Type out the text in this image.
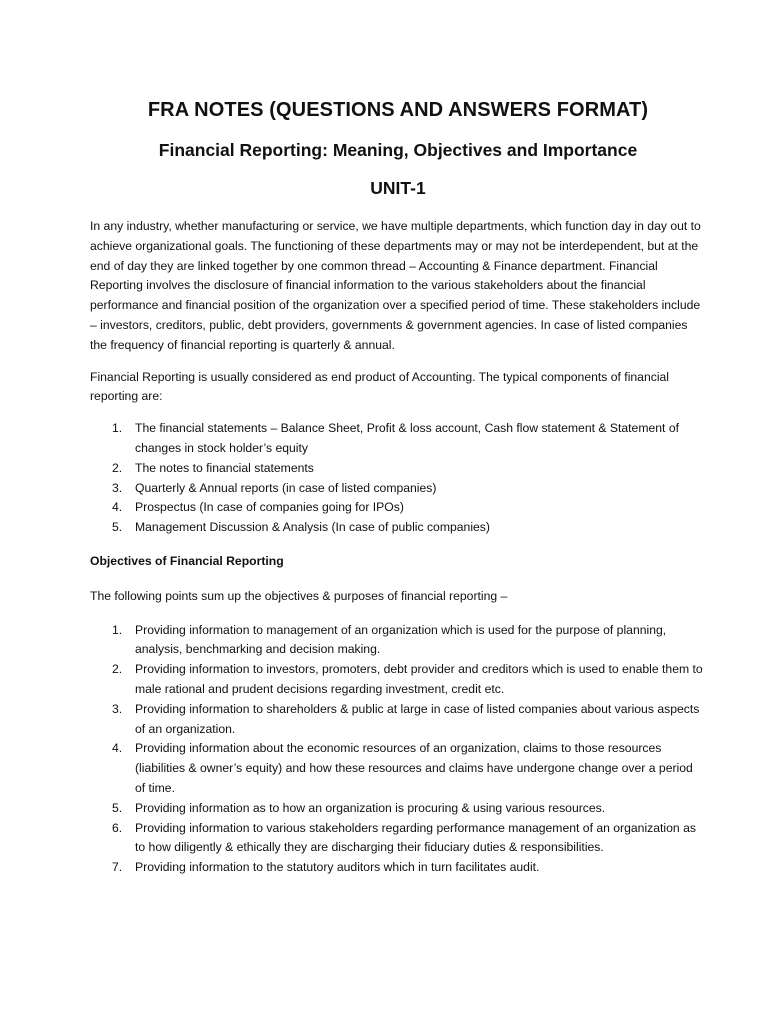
FRA NOTES (QUESTIONS AND ANSWERS FORMAT)
Financial Reporting: Meaning, Objectives and Importance
UNIT-1

In any industry, whether manufacturing or service, we have multiple departments, which function day in day out to achieve organizational goals. The functioning of these departments may or may not be interdependent, but at the end of day they are linked together by one common thread – Accounting & Finance department. Financial Reporting involves the disclosure of financial information to the various stakeholders about the financial performance and financial position of the organization over a specified period of time. These stakeholders include – investors, creditors, public, debt providers, governments & government agencies. In case of listed companies the frequency of financial reporting is quarterly & annual.

Financial Reporting is usually considered as end product of Accounting. The typical components of financial reporting are:

1. The financial statements – Balance Sheet, Profit & loss account, Cash flow statement & Statement of changes in stock holder’s equity
2. The notes to financial statements
3. Quarterly & Annual reports (in case of listed companies)
4. Prospectus (In case of companies going for IPOs)
5. Management Discussion & Analysis (In case of public companies)

Objectives of Financial Reporting

The following points sum up the objectives & purposes of financial reporting –

1. Providing information to management of an organization which is used for the purpose of planning, analysis, benchmarking and decision making.
2. Providing information to investors, promoters, debt provider and creditors which is used to enable them to male rational and prudent decisions regarding investment, credit etc.
3. Providing information to shareholders & public at large in case of listed companies about various aspects of an organization.
4. Providing information about the economic resources of an organization, claims to those resources (liabilities & owner’s equity) and how these resources and claims have undergone change over a period of time.
5. Providing information as to how an organization is procuring & using various resources.
6. Providing information to various stakeholders regarding performance management of an organization as to how diligently & ethically they are discharging their fiduciary duties & responsibilities.
7. Providing information to the statutory auditors which in turn facilitates audit.
